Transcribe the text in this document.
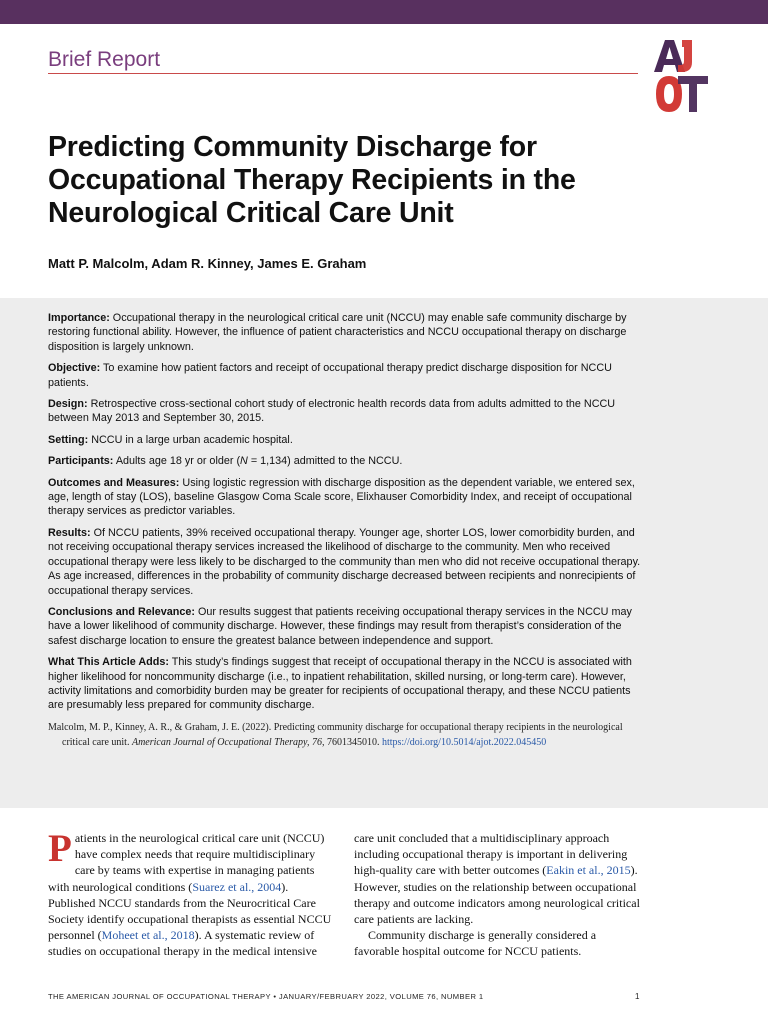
Brief Report
Predicting Community Discharge for Occupational Therapy Recipients in the Neurological Critical Care Unit

Matt P. Malcolm, Adam R. Kinney, James E. Graham

Importance: Occupational therapy in the neurological critical care unit (NCCU) may enable safe community discharge by restoring functional ability. However, the influence of patient characteristics and NCCU occupational therapy on discharge disposition is largely unknown.

Objective: To examine how patient factors and receipt of occupational therapy predict discharge disposition for NCCU patients.

Design: Retrospective cross-sectional cohort study of electronic health records data from adults admitted to the NCCU between May 2013 and September 30, 2015.

Setting: NCCU in a large urban academic hospital.

Participants: Adults age 18 yr or older (N = 1,134) admitted to the NCCU.

Outcomes and Measures: Using logistic regression with discharge disposition as the dependent variable, we entered sex, age, length of stay (LOS), baseline Glasgow Coma Scale score, Elixhauser Comorbidity Index, and receipt of occupational therapy services as predictor variables.

Results: Of NCCU patients, 39% received occupational therapy. Younger age, shorter LOS, lower comorbidity burden, and not receiving occupational therapy services increased the likelihood of discharge to the community. Men who received occupational therapy were less likely to be discharged to the community than men who did not receive occupational therapy. As age increased, differences in the probability of community discharge decreased between recipients and nonrecipients of occupational therapy services.

Conclusions and Relevance: Our results suggest that patients receiving occupational therapy services in the NCCU may have a lower likelihood of community discharge. However, these findings may result from therapist’s consideration of the safest discharge location to ensure the greatest balance between independence and support.

What This Article Adds: This study’s findings suggest that receipt of occupational therapy in the NCCU is associated with higher likelihood for noncommunity discharge (i.e., to inpatient rehabilitation, skilled nursing, or long-term care). However, activity limitations and comorbidity burden may be greater for recipients of occupational therapy, and these NCCU patients are presumably less prepared for community discharge.

Malcolm, M. P., Kinney, A. R., & Graham, J. E. (2022). Predicting community discharge for occupational therapy recipients in the neurological critical care unit. American Journal of Occupational Therapy, 76, 7601345010. https://doi.org/10.5014/ajot.2022.045450

Patients in the neurological critical care unit (NCCU) have complex needs that require multidisciplinary care by teams with expertise in managing patients with neurological conditions (Suarez et al., 2004). Published NCCU standards from the Neurocritical Care Society identify occupational therapists as essential NCCU personnel (Moheet et al., 2018). A systematic review of studies on occupational therapy in the medical intensive

care unit concluded that a multidisciplinary approach including occupational therapy is important in delivering high-quality care with better outcomes (Eakin et al., 2015). However, studies on the relationship between occupational therapy and outcome indicators among neurological critical care patients are lacking.

Community discharge is generally considered a favorable hospital outcome for NCCU patients.

THE AMERICAN JOURNAL OF OCCUPATIONAL THERAPY • JANUARY/FEBRUARY 2022, VOLUME 76, NUMBER 1	1
